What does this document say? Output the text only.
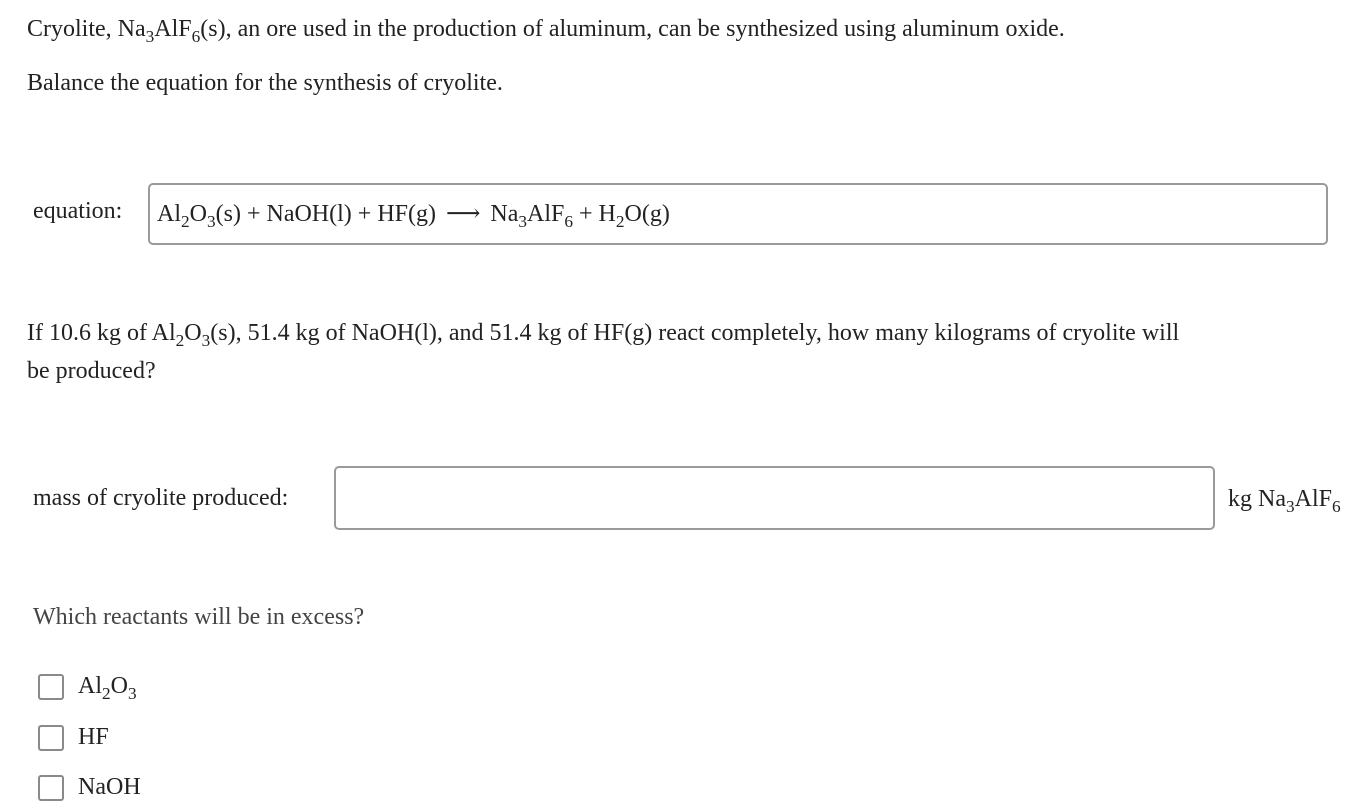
Cryolite, $Na_3AlF_6(s)$, an ore used in the production of aluminum, can be synthesized using aluminum oxide.

Balance the equation for the synthesis of cryolite.

equation:	$Al_2O_3(s)$ + NaOH(l) + HF(g) ⟶ $Na_3AlF_6 + H_2O(g)$

If 10.6 kg of $Al_2O_3(s)$, 51.4 kg of NaOH(l), and 51.4 kg of HF(g) react completely, how many kilograms of cryolite will

be produced?

mass of cryolite produced:	kg $Na_3AlF_6$
Which reactants will be in excess?
$Al_2O_3$
HF
NaOH
